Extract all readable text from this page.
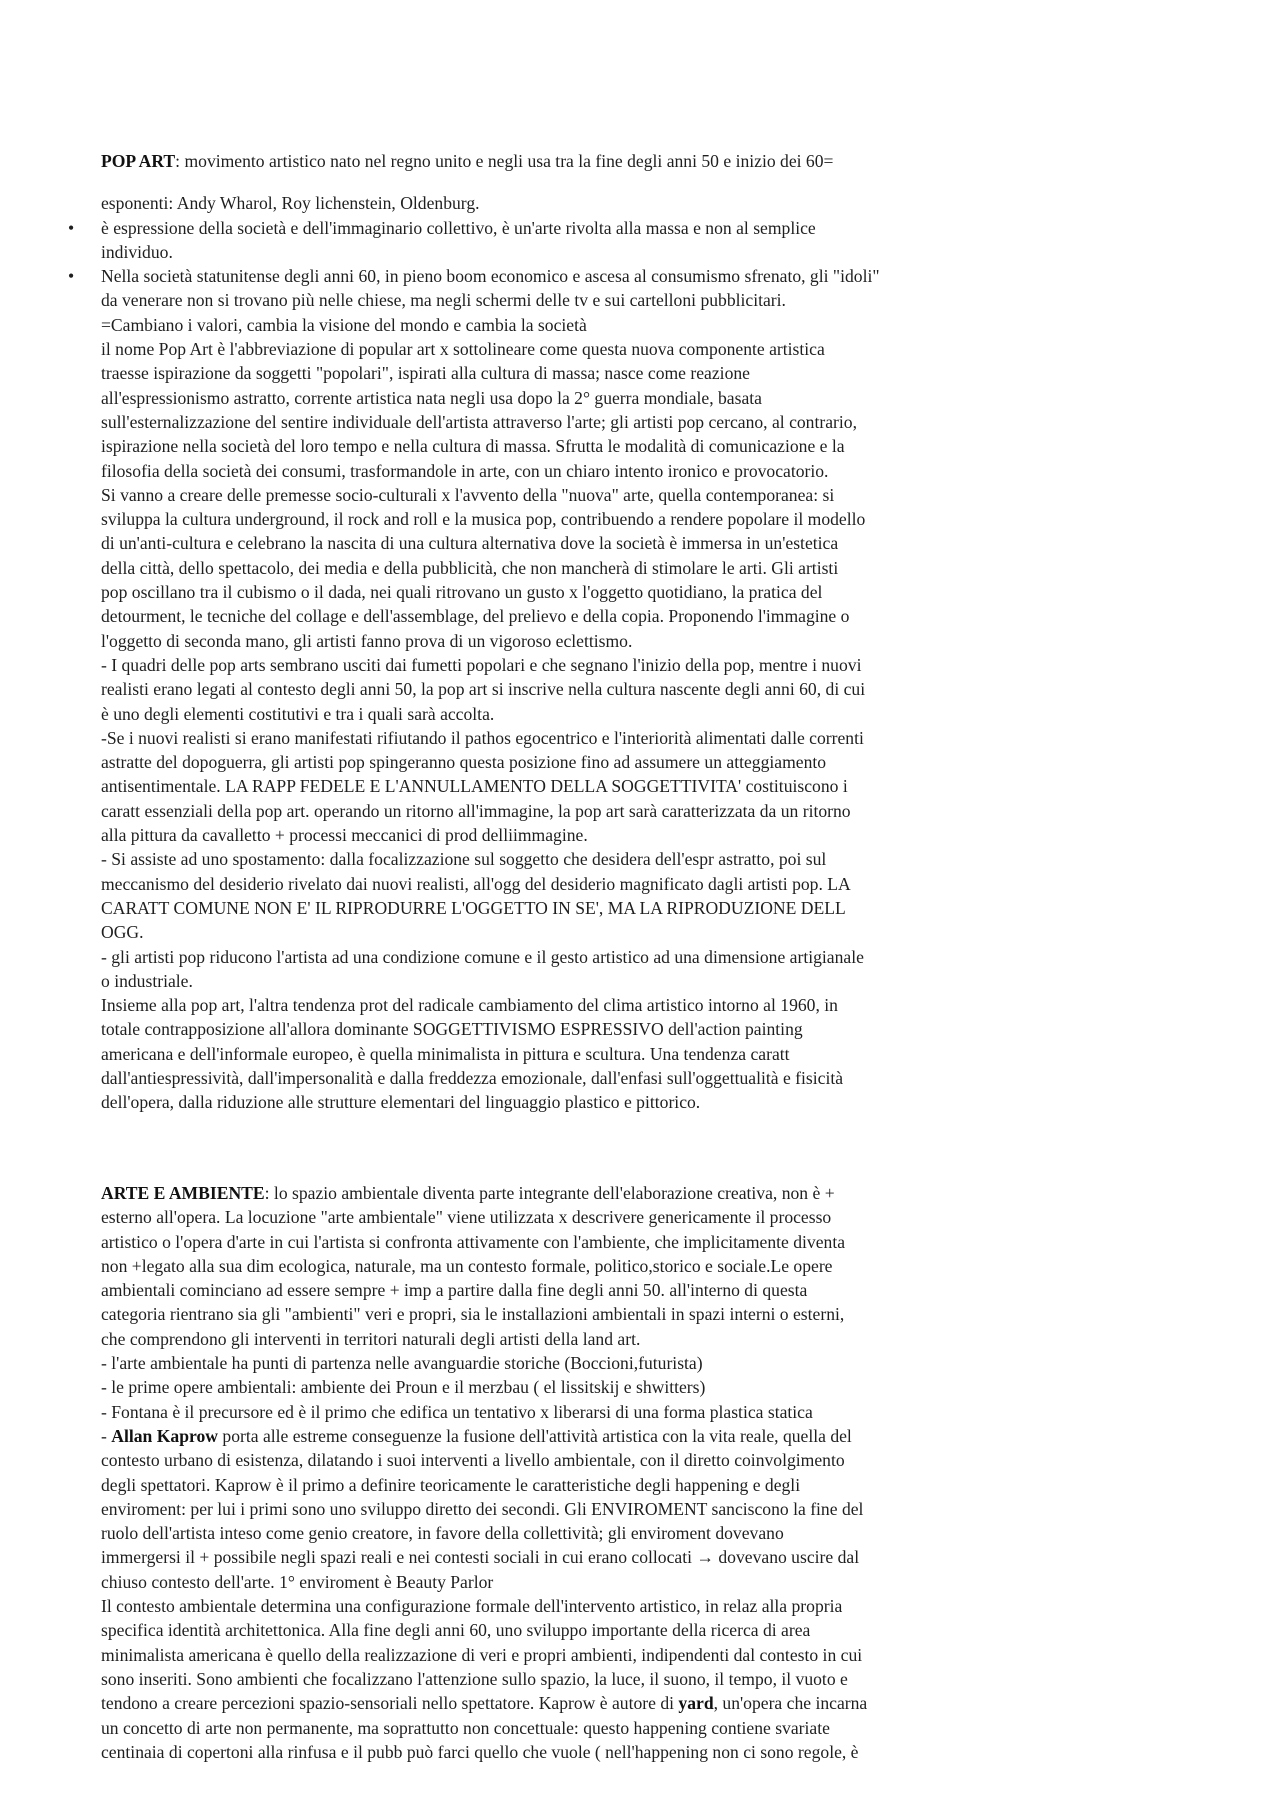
POP ART: movimento artistico nato nel regno unito e negli usa tra la fine degli anni 50 e inizio dei 60=
esponenti: Andy Wharol, Roy lichenstein, Oldenburg.
• è espressione della società e dell'immaginario collettivo, è un'arte rivolta alla massa e non al semplice
individuo.
• Nella società statunitense degli anni 60, in pieno boom economico e ascesa al consumismo sfrenato, gli "idoli"
da venerare non si trovano più nelle chiese, ma negli schermi delle tv e sui cartelloni pubblicitari.
=Cambiano i valori, cambia la visione del mondo e cambia la società
il nome Pop Art è l'abbreviazione di popular art x sottolineare come questa nuova componente artistica
traesse ispirazione da soggetti "popolari", ispirati alla cultura di massa; nasce come reazione
all'espressionismo astratto, corrente artistica nata negli usa dopo la 2° guerra mondiale, basata
sull'esternalizzazione del sentire individuale dell'artista attraverso l'arte; gli artisti pop cercano, al contrario,
ispirazione nella società del loro tempo e nella cultura di massa. Sfrutta le modalità di comunicazione e la
filosofia della società dei consumi, trasformandole in arte, con un chiaro intento ironico e provocatorio.
Si vanno a creare delle premesse socio-culturali x l'avvento della "nuova" arte, quella contemporanea: si
sviluppa la cultura underground, il rock and roll e la musica pop, contribuendo a rendere popolare il modello
di un'anti-cultura e celebrano la nascita di una cultura alternativa dove la società è immersa in un'estetica
della città, dello spettacolo, dei media e della pubblicità, che non mancherà di stimolare le arti. Gli artisti
pop oscillano tra il cubismo o il dada, nei quali ritrovano un gusto x l'oggetto quotidiano, la pratica del
detourment, le tecniche del collage e dell'assemblage, del prelievo e della copia. Proponendo l'immagine o
l'oggetto di seconda mano, gli artisti fanno prova di un vigoroso eclettismo.
- I quadri delle pop arts sembrano usciti dai fumetti popolari e che segnano l'inizio della pop, mentre i nuovi
realisti erano legati al contesto degli anni 50, la pop art si inscrive nella cultura nascente degli anni 60, di cui
è uno degli elementi costitutivi e tra i quali sarà accolta.
-Se i nuovi realisti si erano manifestati rifiutando il pathos egocentrico e l'interiorità alimentati dalle correnti
astratte del dopoguerra, gli artisti pop spingeranno questa posizione fino ad assumere un atteggiamento
antisentimentale. LA RAPP FEDELE E L'ANNULLAMENTO DELLA SOGGETTIVITA' costituiscono i
caratt essenziali della pop art. operando un ritorno all'immagine, la pop art sarà caratterizzata da un ritorno
alla pittura da cavalletto + processi meccanici di prod delliimmagine.
- Si assiste ad uno spostamento: dalla focalizzazione sul soggetto che desidera dell'espr astratto, poi sul
meccanismo del desiderio rivelato dai nuovi realisti, all'ogg del desiderio magnificato dagli artisti pop. LA
CARATT COMUNE NON E' IL RIPRODURRE L'OGGETTO IN SE', MA LA RIPRODUZIONE DELL
OGG.
- gli artisti pop riducono l'artista ad una condizione comune e il gesto artistico ad una dimensione artigianale
o industriale.
Insieme alla pop art, l'altra tendenza prot del radicale cambiamento del clima artistico intorno al 1960, in
totale contrapposizione all'allora dominante SOGGETTIVISMO ESPRESSIVO dell'action painting
americana e dell'informale europeo, è quella minimalista in pittura e scultura. Una tendenza caratt
dall'antiespressività, dall'impersonalità e dalla freddezza emozionale, dall'enfasi sull'oggettualità e fisicità
dell'opera, dalla riduzione alle strutture elementari del linguaggio plastico e pittorico.
ARTE E AMBIENTE: lo spazio ambientale diventa parte integrante dell'elaborazione creativa, non è +
esterno all'opera. La locuzione "arte ambientale" viene utilizzata x descrivere genericamente il processo
artistico o l'opera d'arte in cui l'artista si confronta attivamente con l'ambiente, che implicitamente diventa
non +legato alla sua dim ecologica, naturale, ma un contesto formale, politico,storico e sociale.Le opere
ambientali cominciano ad essere sempre + imp a partire dalla fine degli anni 50. all'interno di questa
categoria rientrano sia gli "ambienti" veri e propri, sia le installazioni ambientali in spazi interni o esterni,
che comprendono gli interventi in territori naturali degli artisti della land art.
- l'arte ambientale ha punti di partenza nelle avanguardie storiche (Boccioni,futurista)
- le prime opere ambientali: ambiente dei Proun e il merzbau ( el lissitskij e shwitters)
- Fontana è il precursore ed è il primo che edifica un tentativo x liberarsi di una forma plastica statica
- Allan Kaprow porta alle estreme conseguenze la fusione dell'attività artistica con la vita reale, quella del
contesto urbano di esistenza, dilatando i suoi interventi a livello ambientale, con il diretto coinvolgimento
degli spettatori. Kaprow è il primo a definire teoricamente le caratteristiche degli happening e degli
enviroment: per lui i primi sono uno sviluppo diretto dei secondi. Gli ENVIROMENT sanciscono la fine del
ruolo dell'artista inteso come genio creatore, in favore della collettività; gli enviroment dovevano
immergersi il + possibile negli spazi reali e nei contesti sociali in cui erano collocati → dovevano uscire dal
chiuso contesto dell'arte. 1° enviroment è Beauty Parlor
Il contesto ambientale determina una configurazione formale dell'intervento artistico, in relaz alla propria
specifica identità architettonica. Alla fine degli anni 60, uno sviluppo importante della ricerca di area
minimalista americana è quello della realizzazione di veri e propri ambienti, indipendenti dal contesto in cui
sono inseriti. Sono ambienti che focalizzano l'attenzione sullo spazio, la luce, il suono, il tempo, il vuoto e
tendono a creare percezioni spazio-sensoriali nello spettatore. Kaprow è autore di yard, un'opera che incarna
un concetto di arte non permanente, ma soprattutto non concettuale: questo happening contiene svariate
centinaia di copertoni alla rinfusa e il pubb può farci quello che vuole ( nell'happening non ci sono regole, è
